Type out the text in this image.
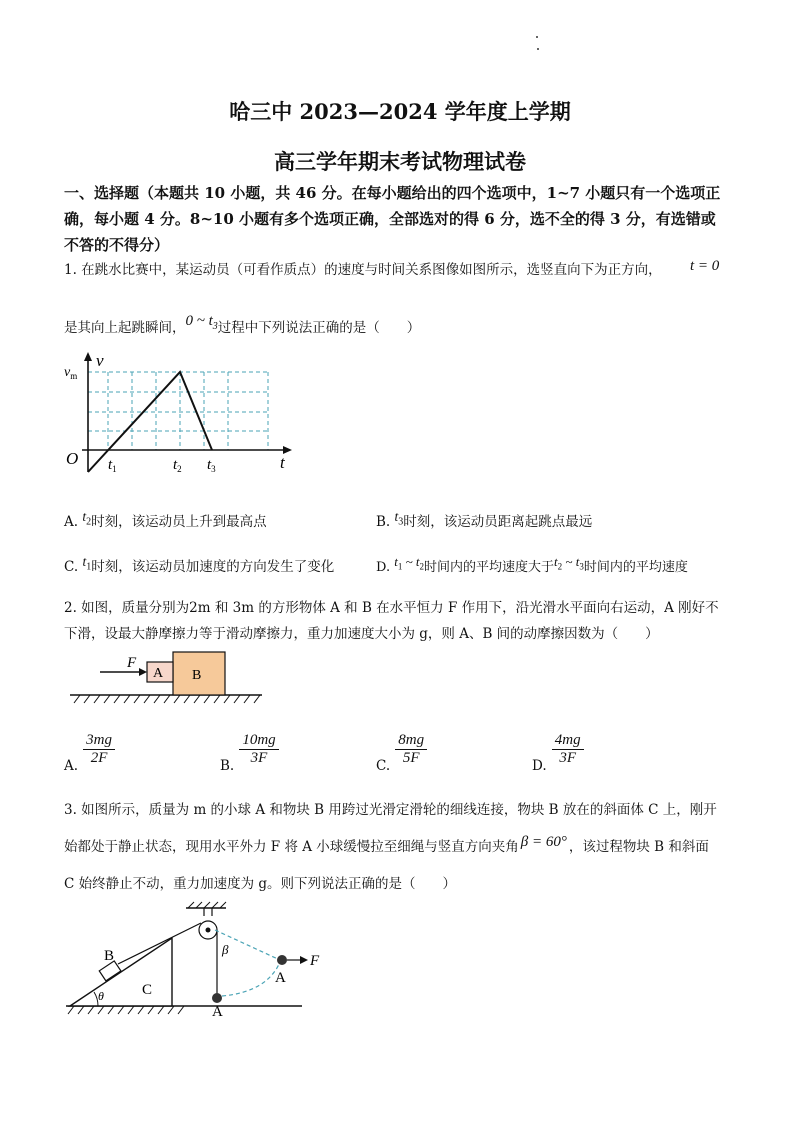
哈三中 2023—2024 学年度上学期
高三学年期末考试物理试卷
一、选择题（本题共 10 小题，共 46 分。在每小题给出的四个选项中，1~7 小题只有一个选项正
确，每小题 4 分。8~10 小题有多个选项正确，全部选对的得 6 分，选不全的得 3 分，有选错或
不答的不得分）
1. 在跳水比赛中，某运动员（可看作质点）的速度与时间关系图像如图所示，选竖直向下为正方向， t = 0
是其向上起跳瞬间，0 ~ $t_3$过程中下列说法正确的是（　　）
v
$v_m$
O	t
$t_1$	$t_2$ $t_3$
A. $t_2$时刻，该运动员上升到最高点	B. $t_3$时刻，该运动员距离起跳点最远
C. $t_1$时刻，该运动员加速度的方向发生了变化	D. $t_1$ ~ $t_2$时间内的平均速度大于$t_2$ ~ $t_3$时间内的平均速度
2. 如图，质量分别为2m 和 3m 的方形物体 A 和 B 在水平恒力 F 作用下，沿光滑水平面向右运动，A 刚好不
下滑，设最大静摩擦力等于滑动摩擦力，重力加速度大小为 g，则 A、B 间的动摩擦因数为（　　）
B
A
F
$_{A.} \frac{3mg}{2F}$	$_{B.} \frac{10mg}{3F}$	$_{C.} \frac{8mg}{5F}$	$_{D.} \frac{4mg}{3F}$
3. 如图所示，质量为 m 的小球 A 和物块 B 用跨过光滑定滑轮的细线连接，物块 B 放在的斜面体 C 上，刚开
始都处于静止状态，现用水平外力 F 将 A 小球缓慢拉至细绳与竖直方向夹角 β = 60° ，该过程物块 B 和斜面
C 始终静止不动，重力加速度为 g。则下列说法正确的是（　　）
C
θ
B
A
A
F
β
